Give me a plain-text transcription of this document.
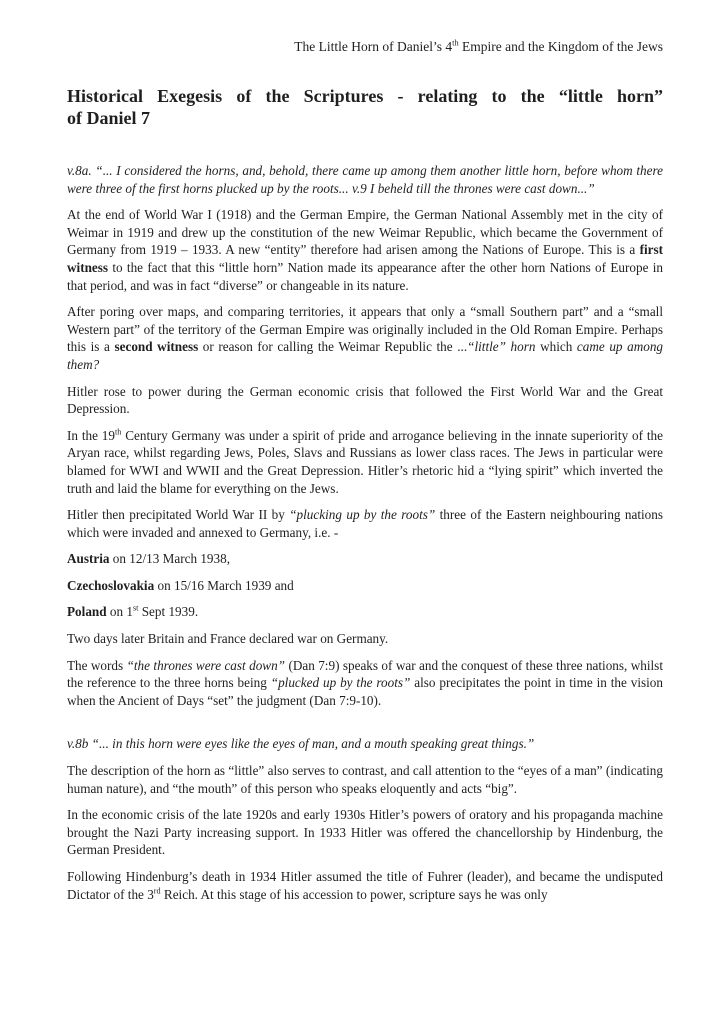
The Little Horn of Daniel’s 4th Empire and the Kingdom of the Jews
Historical Exegesis of the Scriptures - relating to the “little horn”
of Daniel 7

v.8a. “... I considered the horns, and, behold, there came up among them another little horn, before whom there were three of the first horns plucked up by the roots... v.9 I beheld till the thrones were cast down...”

At the end of World War I (1918) and the German Empire, the German National Assembly met in the city of Weimar in 1919 and drew up the constitution of the new Weimar Republic, which became the Government of Germany from 1919 – 1933. A new “entity” therefore had arisen among the Nations of Europe. This is a first witness to the fact that this “little horn” Nation made its appearance after the other horn Nations of Europe in that period, and was in fact “diverse” or changeable in its nature.

After poring over maps, and comparing territories, it appears that only a “small Southern part” and a “small Western part” of the territory of the German Empire was originally included in the Old Roman Empire. Perhaps this is a second witness or reason for calling the Weimar Republic the ...“little” horn which came up among them?

Hitler rose to power during the German economic crisis that followed the First World War and the Great Depression.

In the 19th Century Germany was under a spirit of pride and arrogance believing in the innate superiority of the Aryan race, whilst regarding Jews, Poles, Slavs and Russians as lower class races. The Jews in particular were blamed for WWI and WWII and the Great Depression. Hitler’s rhetoric hid a “lying spirit” which inverted the truth and laid the blame for everything on the Jews.

Hitler then precipitated World War II by “plucking up by the roots” three of the Eastern neighbouring nations which were invaded and annexed to Germany, i.e. -

Austria on 12/13 March 1938,

Czechoslovakia on 15/16 March 1939 and

Poland on 1st Sept 1939.

Two days later Britain and France declared war on Germany.

The words “the thrones were cast down” (Dan 7:9) speaks of war and the conquest of these three nations, whilst the reference to the three horns being “plucked up by the roots” also precipitates the point in time in the vision when the Ancient of Days “set” the judgment (Dan 7:9-10).

v.8b “... in this horn were eyes like the eyes of man, and a mouth speaking great things.”

The description of the horn as “little” also serves to contrast, and call attention to the “eyes of a man” (indicating human nature), and “the mouth” of this person who speaks eloquently and acts “big”.

In the economic crisis of the late 1920s and early 1930s Hitler’s powers of oratory and his propaganda machine brought the Nazi Party increasing support. In 1933 Hitler was offered the chancellorship by Hindenburg, the German President.

Following Hindenburg’s death in 1934 Hitler assumed the title of Fuhrer (leader), and became the undisputed Dictator of the 3rd Reich. At this stage of his accession to power, scripture says he was only
